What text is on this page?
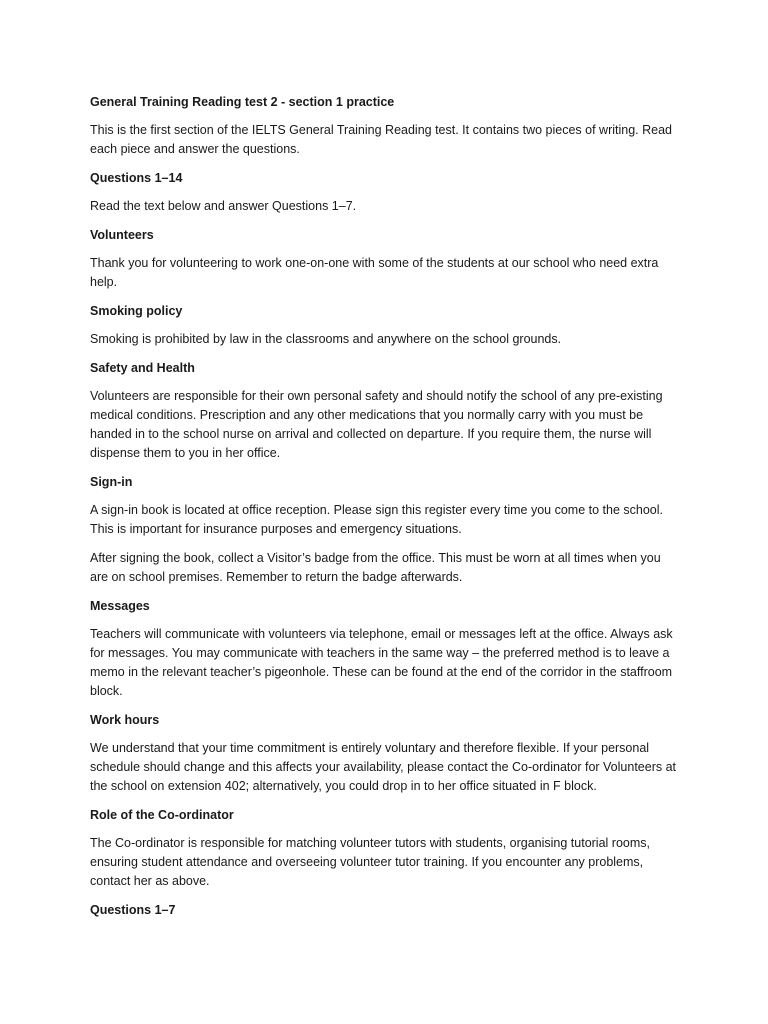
General Training Reading test 2 - section 1 practice
This is the first section of the IELTS General Training Reading test. It contains two pieces of writing. Read each piece and answer the questions.
Questions 1–14
Read the text below and answer Questions 1–7.
Volunteers
Thank you for volunteering to work one-on-one with some of the students at our school who need extra help.
Smoking policy
Smoking is prohibited by law in the classrooms and anywhere on the school grounds.
Safety and Health
Volunteers are responsible for their own personal safety and should notify the school of any pre-existing medical conditions. Prescription and any other medications that you normally carry with you must be handed in to the school nurse on arrival and collected on departure. If you require them, the nurse will dispense them to you in her office.
Sign-in
A sign-in book is located at office reception. Please sign this register every time you come to the school. This is important for insurance purposes and emergency situations.
After signing the book, collect a Visitor’s badge from the office. This must be worn at all times when you are on school premises. Remember to return the badge afterwards.
Messages
Teachers will communicate with volunteers via telephone, email or messages left at the office. Always ask for messages. You may communicate with teachers in the same way – the preferred method is to leave a memo in the relevant teacher’s pigeonhole. These can be found at the end of the corridor in the staffroom block.
Work hours
We understand that your time commitment is entirely voluntary and therefore flexible. If your personal schedule should change and this affects your availability, please contact the Co-ordinator for Volunteers at the school on extension 402; alternatively, you could drop in to her office situated in F block.
Role of the Co-ordinator
The Co-ordinator is responsible for matching volunteer tutors with students, organising tutorial rooms, ensuring student attendance and overseeing volunteer tutor training. If you encounter any problems, contact her as above.
Questions 1–7
